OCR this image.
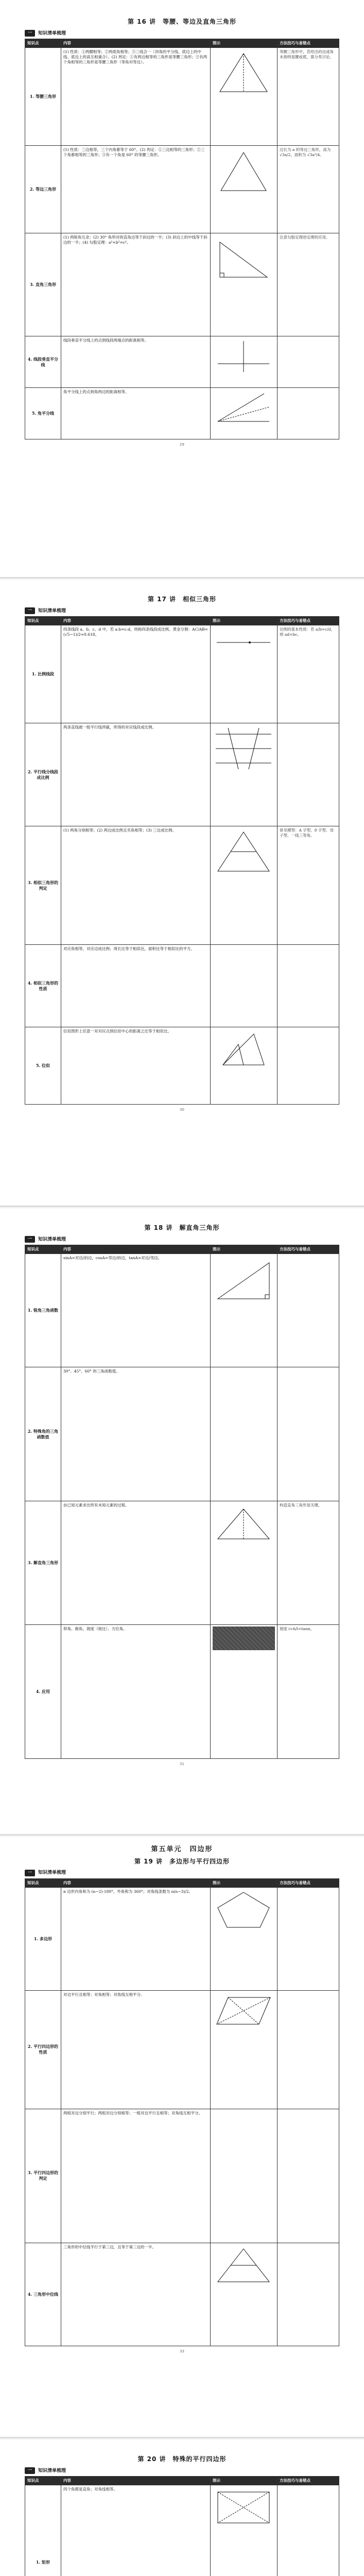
第 16 讲　等腰、等边及直角三角形
一	知识清单梳理
知识点	内容	图示	方法技巧与易错点
1. 等腰三角形	(1) 性质：①两腰相等；②两底角相等；③三线合一（顶角的平分线、底边上的中线、底边上的高互相重合）。(2) 判定：①有两边相等的三角形是等腰三角形；②有两个角相等的三角形是等腰三角形（等角对等边）。		等腰三角形中，若给出的边或角未指明是腰或底，需分类讨论。
2. 等边三角形	(1) 性质：三边相等，三个内角都等于 60°。(2) 判定：①三边相等的三角形；②三个角都相等的三角形；③有一个角是 60° 的等腰三角形。		边长为 a 的等边三角形，高为 √3a/2，面积为 √3a²/4。
3. 直角三角形	(1) 两锐角互余；(2) 30° 角所对的直角边等于斜边的一半；(3) 斜边上的中线等于斜边的一半；(4) 勾股定理：a²+b²=c²。		注意勾股定理逆定理的应用。
4. 线段垂直平分线	线段垂直平分线上的点到线段两端点的距离相等。	

5. 角平分线	角平分线上的点到角两边的距离相等。	

29
第 17 讲　相似三角形
一	知识清单梳理
知识点	内容	图示	方法技巧与易错点
1. 比例线段	四条线段 a、b、c、d 中，若 a:b=c:d，则称四条线段成比例。黄金分割：AC/AB=(√5−1)/2≈0.618。		比例的基本性质：若 a/b=c/d，则 ad=bc。
2. 平行线分线段成比例	两条直线被一组平行线所截，所得的对应线段成比例。	

3. 相似三角形的判定	(1) 两角分别相等；(2) 两边成比例且夹角相等；(3) 三边成比例。		常见模型：A 字型、8 字型、母子型、一线三等角。
4. 相似三角形的性质	对应角相等，对应边成比例；周长比等于相似比，面积比等于相似比的平方。		
5. 位似	位似图形上任意一对对应点到位似中心的距离之比等于相似比。	

30
第 18 讲　解直角三角形
一	知识清单梳理
知识点	内容	图示	方法技巧与易错点
1. 锐角三角函数	sinA=对边/斜边，cosA=邻边/斜边，tanA=对边/邻边。	

2. 特殊角的三角函数值	30°、45°、60° 的三角函数值。		
3. 解直角三角形	由已知元素求出所有未知元素的过程。		构造直角三角形是关键。
4. 应用	仰角、俯角、坡度（坡比）、方位角。		坡度 i=h/l=tanα。
31
第五单元　四边形
第 19 讲　多边形与平行四边形
一	知识清单梳理
知识点	内容	图示	方法技巧与易错点
1. 多边形	n 边形内角和为 (n−2)·180°，外角和为 360°；对角线条数为 n(n−3)/2。	

2. 平行四边形的性质	对边平行且相等；对角相等；对角线互相平分。	

3. 平行四边形的判定	两组对边分别平行；两组对边分别相等；一组对边平行且相等；对角线互相平分。		
4. 三角形中位线	三角形的中位线平行于第三边，且等于第三边的一半。	

33
第 20 讲　特殊的平行四边形
一	知识清单梳理
知识点	内容	图示	方法技巧与易错点
1. 矩形	四个角都是直角；对角线相等。	
